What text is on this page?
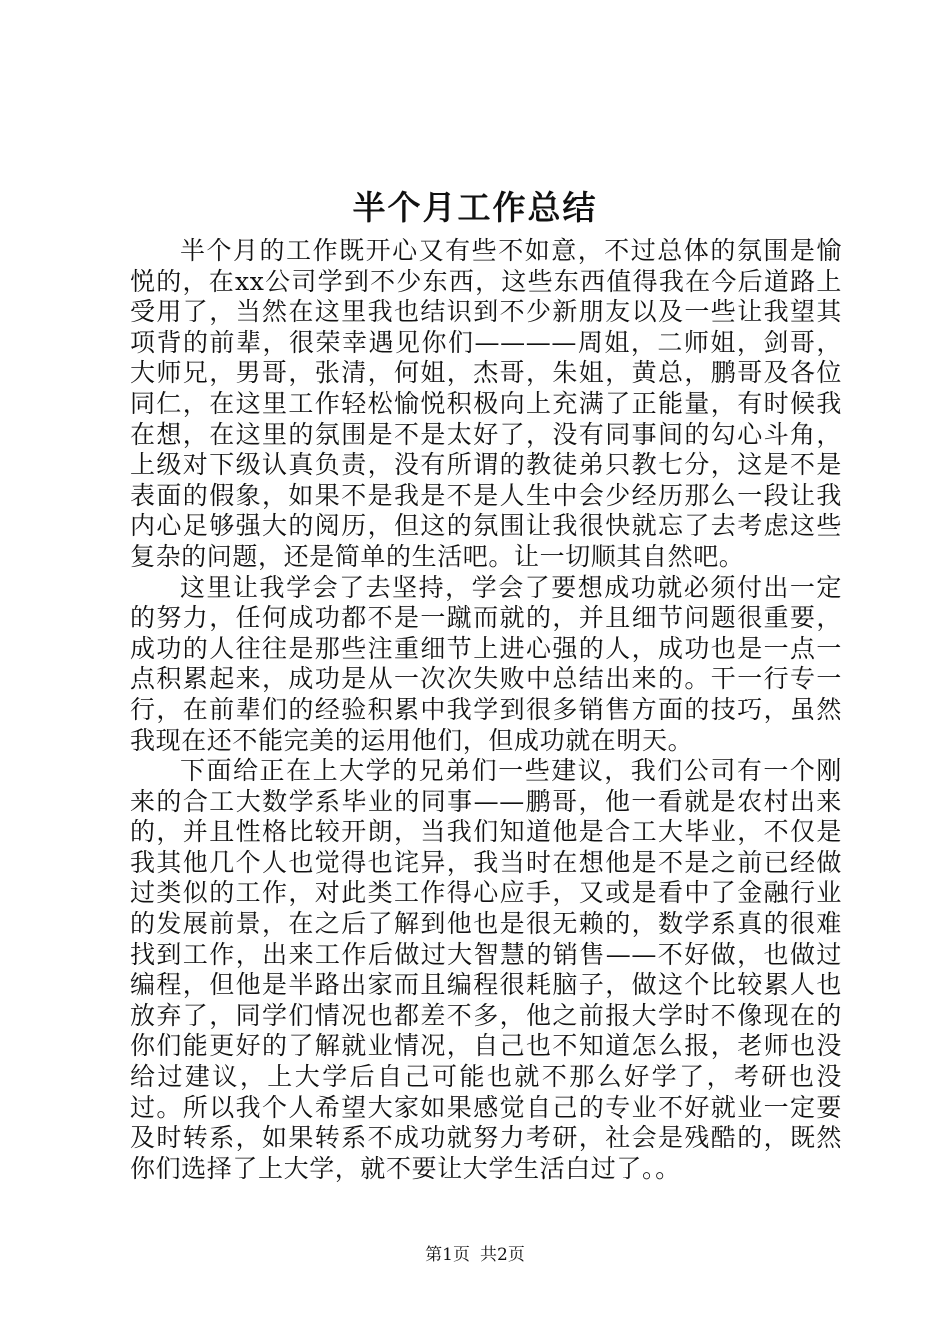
半个月工作总结

半个月的工作既开心又有些不如意，不过总体的氛围是愉悦的，在xx公司学到不少东西，这些东西值得我在今后道路上受用了，当然在这里我也结识到不少新朋友以及一些让我望其项背的前辈，很荣幸遇见你们————周姐，二师姐，剑哥，大师兄，男哥，张清，何姐，杰哥，朱姐，黄总，鹏哥及各位同仁，在这里工作轻松愉悦积极向上充满了正能量，有时候我在想，在这里的氛围是不是太好了，没有同事间的勾心斗角，上级对下级认真负责，没有所谓的教徒弟只教七分，这是不是表面的假象，如果不是我是不是人生中会少经历那么一段让我内心足够强大的阅历，但这的氛围让我很快就忘了去考虑这些复杂的问题，还是简单的生活吧。让一切顺其自然吧。

这里让我学会了去坚持，学会了要想成功就必须付出一定的努力，任何成功都不是一蹴而就的，并且细节问题很重要，成功的人往往是那些注重细节上进心强的人，成功也是一点一点积累起来，成功是从一次次失败中总结出来的。干一行专一行，在前辈们的经验积累中我学到很多销售方面的技巧，虽然我现在还不能完美的运用他们，但成功就在明天。

下面给正在上大学的兄弟们一些建议，我们公司有一个刚来的合工大数学系毕业的同事——鹏哥，他一看就是农村出来的，并且性格比较开朗，当我们知道他是合工大毕业，不仅是我其他几个人也觉得也诧异，我当时在想他是不是之前已经做过类似的工作，对此类工作得心应手，又或是看中了金融行业的发展前景，在之后了解到他也是很无赖的，数学系真的很难找到工作，出来工作后做过大智慧的销售——不好做，也做过编程，但他是半路出家而且编程很耗脑子，做这个比较累人也放弃了，同学们情况也都差不多，他之前报大学时不像现在的你们能更好的了解就业情况，自己也不知道怎么报，老师也没给过建议，上大学后自己可能也就不那么好学了，考研也没过。所以我个人希望大家如果感觉自己的专业不好就业一定要及时转系，如果转系不成功就努力考研，社会是残酷的，既然你们选择了上大学，就不要让大学生活白过了。。

第1页 共2页
